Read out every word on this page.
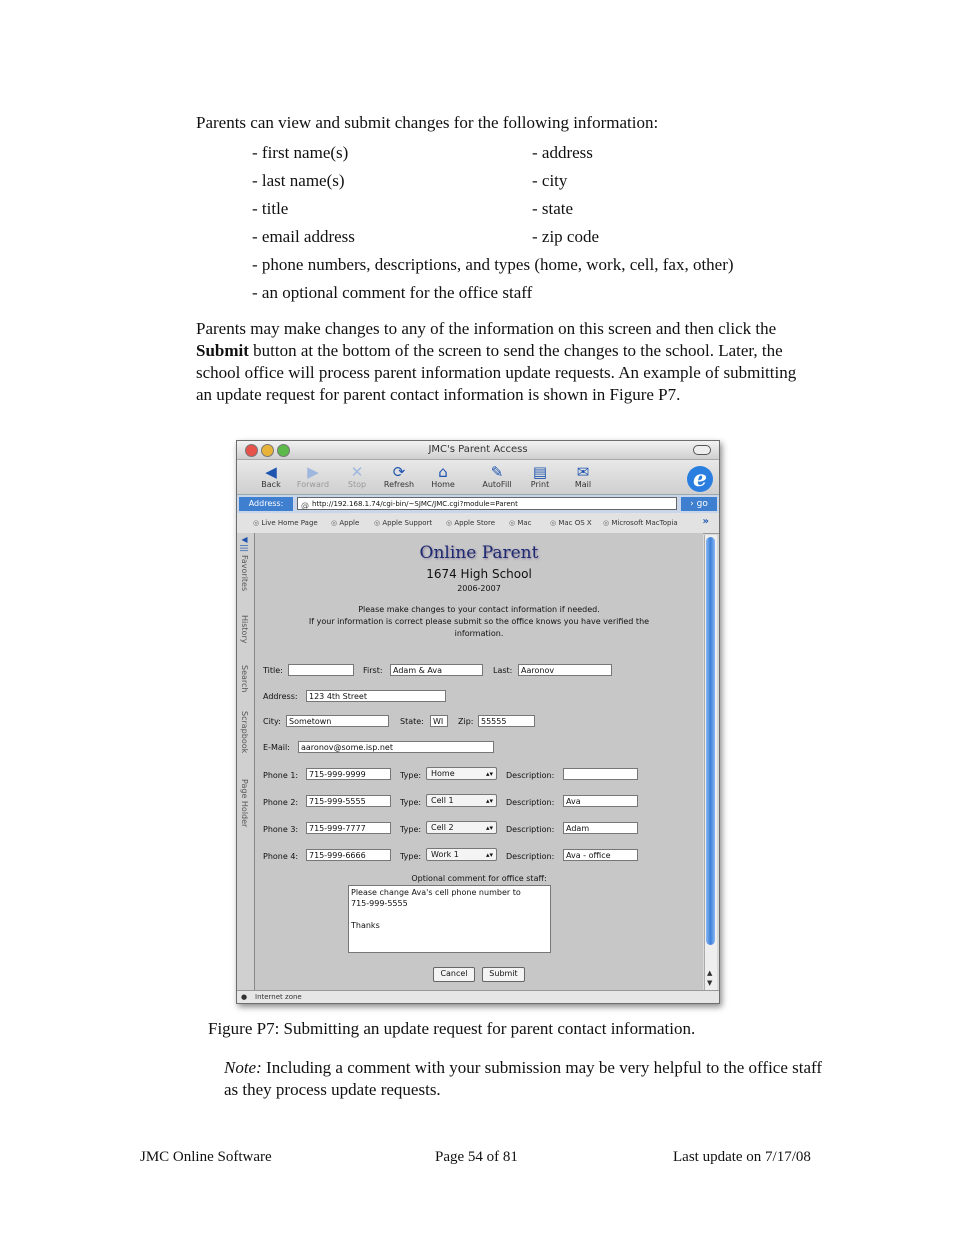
Parents can view and submit changes for the following information:

- first name(s)	- address
- last name(s)	- city
- title	- state
- email address	- zip code
- phone numbers, descriptions, and types (home, work, cell, fax, other)
- an optional comment for the office staff

Parents may make changes to any of the information on this screen and then click the Submit button at the bottom of the screen to send the changes to the school. Later, the school office will process parent information update requests. An example of submitting an update request for parent contact information is shown in Figure P7.

JMC's Parent Access
◀
Back
▶
Forward
✕
Stop
⟳
Refresh
⌂
Home
✎
AutoFill
▤
Print
✉
Mail	e
Address:	@ http://192.168.1.74/cgi-bin/~SJMC/JMC.cgi?module=Parent	› go
◎ Live Home Page	◎ Apple	◎ Apple Support	◎ Apple Store	◎ Mac	◎ Mac OS X	◎ Microsoft MacTopia »
◀|||
Favorites
History
Search
Scrapbook
Page Holder
Online Parent
1674 High School
2006-2007
Please make changes to your contact information if needed.
If your information is correct please submit so the office knows you have verified the
information.
Title:	First:	Adam & Ava	Last:	Aaronov
Address:	123 4th Street
City:	Sometown	State:	WI	Zip: 55555
E-Mail:	aaronov@some.isp.net
Phone 1:	715-999-9999	Type:	Home	▴▾ Description:
Phone 2:	715-999-5555	Type:	Cell 1	▴▾ Description:	Ava
Phone 3:	715-999-7777	Type:	Cell 2	▴▾ Description:	Adam
Phone 4:	715-999-6666	Type:	Work 1	▴▾ Description:	Ava - office
Optional comment for office staff:
Please change Ava's cell phone number to
715-999-5555

Thanks
Cancel	Submit	▲
▼
● Internet zone

Figure P7: Submitting an update request for parent contact information.

Note: Including a comment with your submission may be very helpful to the office staff as they process update requests.

JMC Online Software	Page 54 of 81	Last update on 7/17/08
